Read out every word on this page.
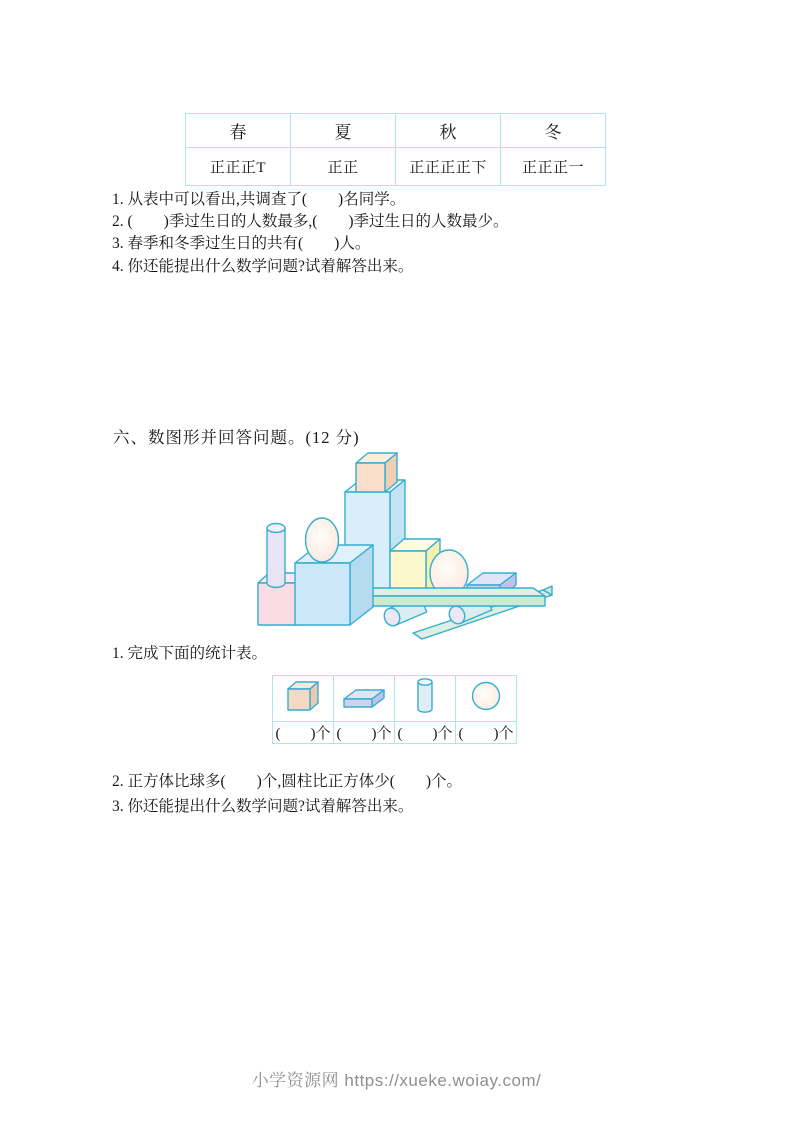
春	夏	秋	冬
正正正T	正正	正正正正下	正正正一
1. 从表中可以看出,共调查了(　　)名同学。
2. (　　)季过生日的人数最多,(　　)季过生日的人数最少。
3. 春季和冬季过生日的共有(　　)人。
4. 你还能提出什么数学问题?试着解答出来。
六、数图形并回答问题。(12 分)
1. 完成下面的统计表。

(　　)个	(　　)个	(　　)个	(　　)个
2. 正方体比球多(　　)个,圆柱比正方体少(　　)个。
3. 你还能提出什么数学问题?试着解答出来。
小学资源网 https://xueke.woiay.com/
